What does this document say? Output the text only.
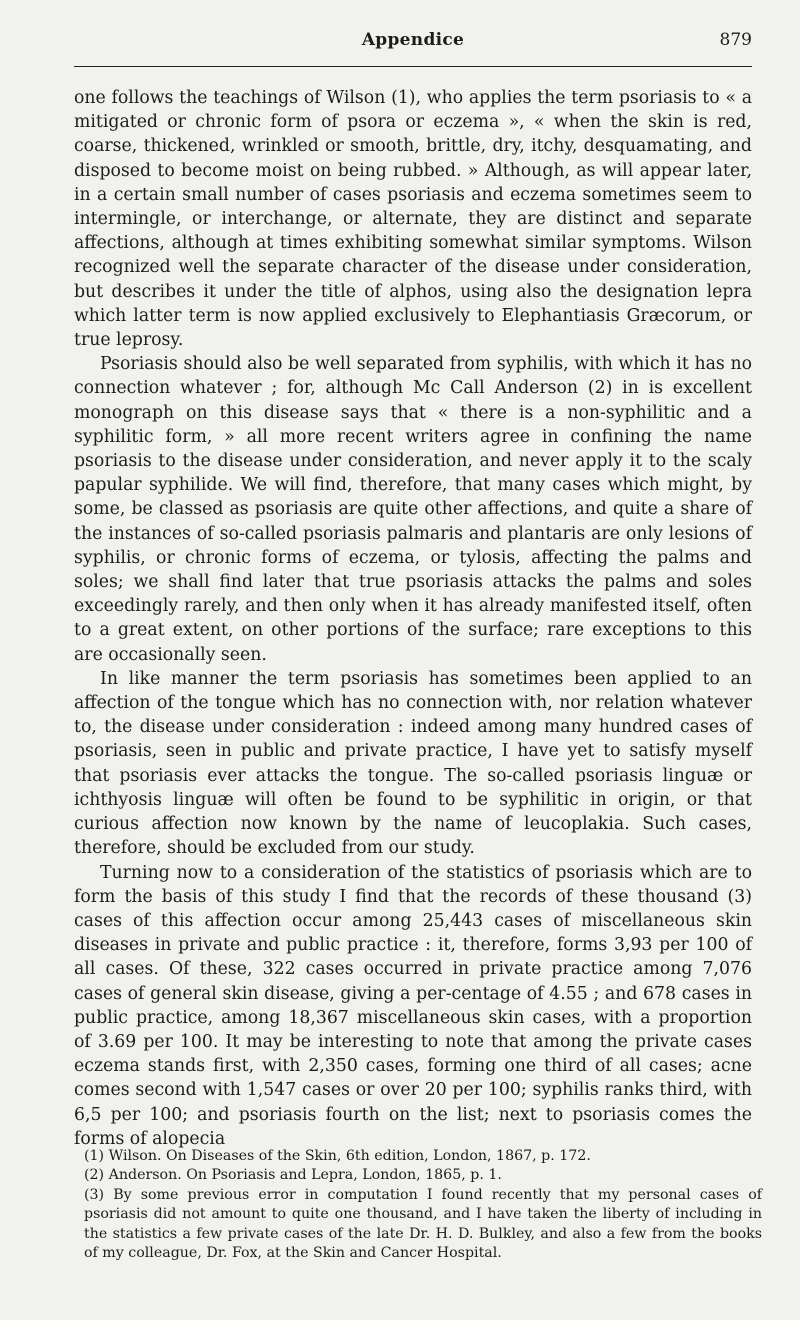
Appendice	879

one follows the teachings of Wilson (1), who applies the term psoriasis to « a mitigated or chronic form of psora or eczema », « when the skin is red, coarse, thickened, wrinkled or smooth, brittle, dry, itchy, desquamating, and disposed to become moist on being rubbed. » Although, as will appear later, in a certain small number of cases psoriasis and eczema sometimes seem to intermingle, or interchange, or alternate, they are distinct and separate affections, although at times exhibiting somewhat similar symptoms. Wilson recognized well the separate character of the disease under consideration, but describes it under the title of alphos, using also the designation lepra which latter term is now applied exclusively to Elephantiasis Græcorum, or true leprosy.

Psoriasis should also be well separated from syphilis, with which it has no connection whatever ; for, although Mc Call Anderson (2) in is excellent monograph on this disease says that « there is a non-syphilitic and a syphilitic form, » all more recent writers agree in confining the name psoriasis to the disease under consideration, and never apply it to the scaly papular syphilide. We will find, therefore, that many cases which might, by some, be classed as psoriasis are quite other affections, and quite a share of the instances of so-called psoriasis palmaris and plantaris are only lesions of syphilis, or chronic forms of eczema, or tylosis, affecting the palms and soles; we shall find later that true psoriasis attacks the palms and soles exceedingly rarely, and then only when it has already manifested itself, often to a great extent, on other portions of the surface; rare exceptions to this are occasionally seen.

In like manner the term psoriasis has sometimes been applied to an affection of the tongue which has no connection with, nor relation whatever to, the disease under consideration : indeed among many hundred cases of psoriasis, seen in public and private practice, I have yet to satisfy myself that psoriasis ever attacks the tongue. The so-called psoriasis linguæ or ichthyosis linguæ will often be found to be syphilitic in origin, or that curious affection now known by the name of leucoplakia. Such cases, therefore, should be excluded from our study.

Turning now to a consideration of the statistics of psoriasis which are to form the basis of this study I find that the records of these thousand (3) cases of this affection occur among 25,443 cases of miscellaneous skin diseases in private and public practice : it, therefore, forms 3,93 per 100 of all cases. Of these, 322 cases occurred in private practice among 7,076 cases of general skin disease, giving a per-centage of 4.55 ; and 678 cases in public practice, among 18,367 miscellaneous skin cases, with a proportion of 3.69 per 100. It may be interesting to note that among the private cases eczema stands first, with 2,350 cases, forming one third of all cases; acne comes second with 1,547 cases or over 20 per 100; syphilis ranks third, with 6,5 per 100; and psoriasis fourth on the list; next to psoriasis comes the forms of alopecia

(1) Wilson. On Diseases of the Skin, 6th edition, London, 1867, p. 172.

(2) Anderson. On Psoriasis and Lepra, London, 1865, p. 1.

(3) By some previous error in computation I found recently that my personal cases of psoriasis did not amount to quite one thousand, and I have taken the liberty of including in the statistics a few private cases of the late Dr. H. D. Bulkley, and also a few from the books of my colleague, Dr. Fox, at the Skin and Cancer Hospital.
